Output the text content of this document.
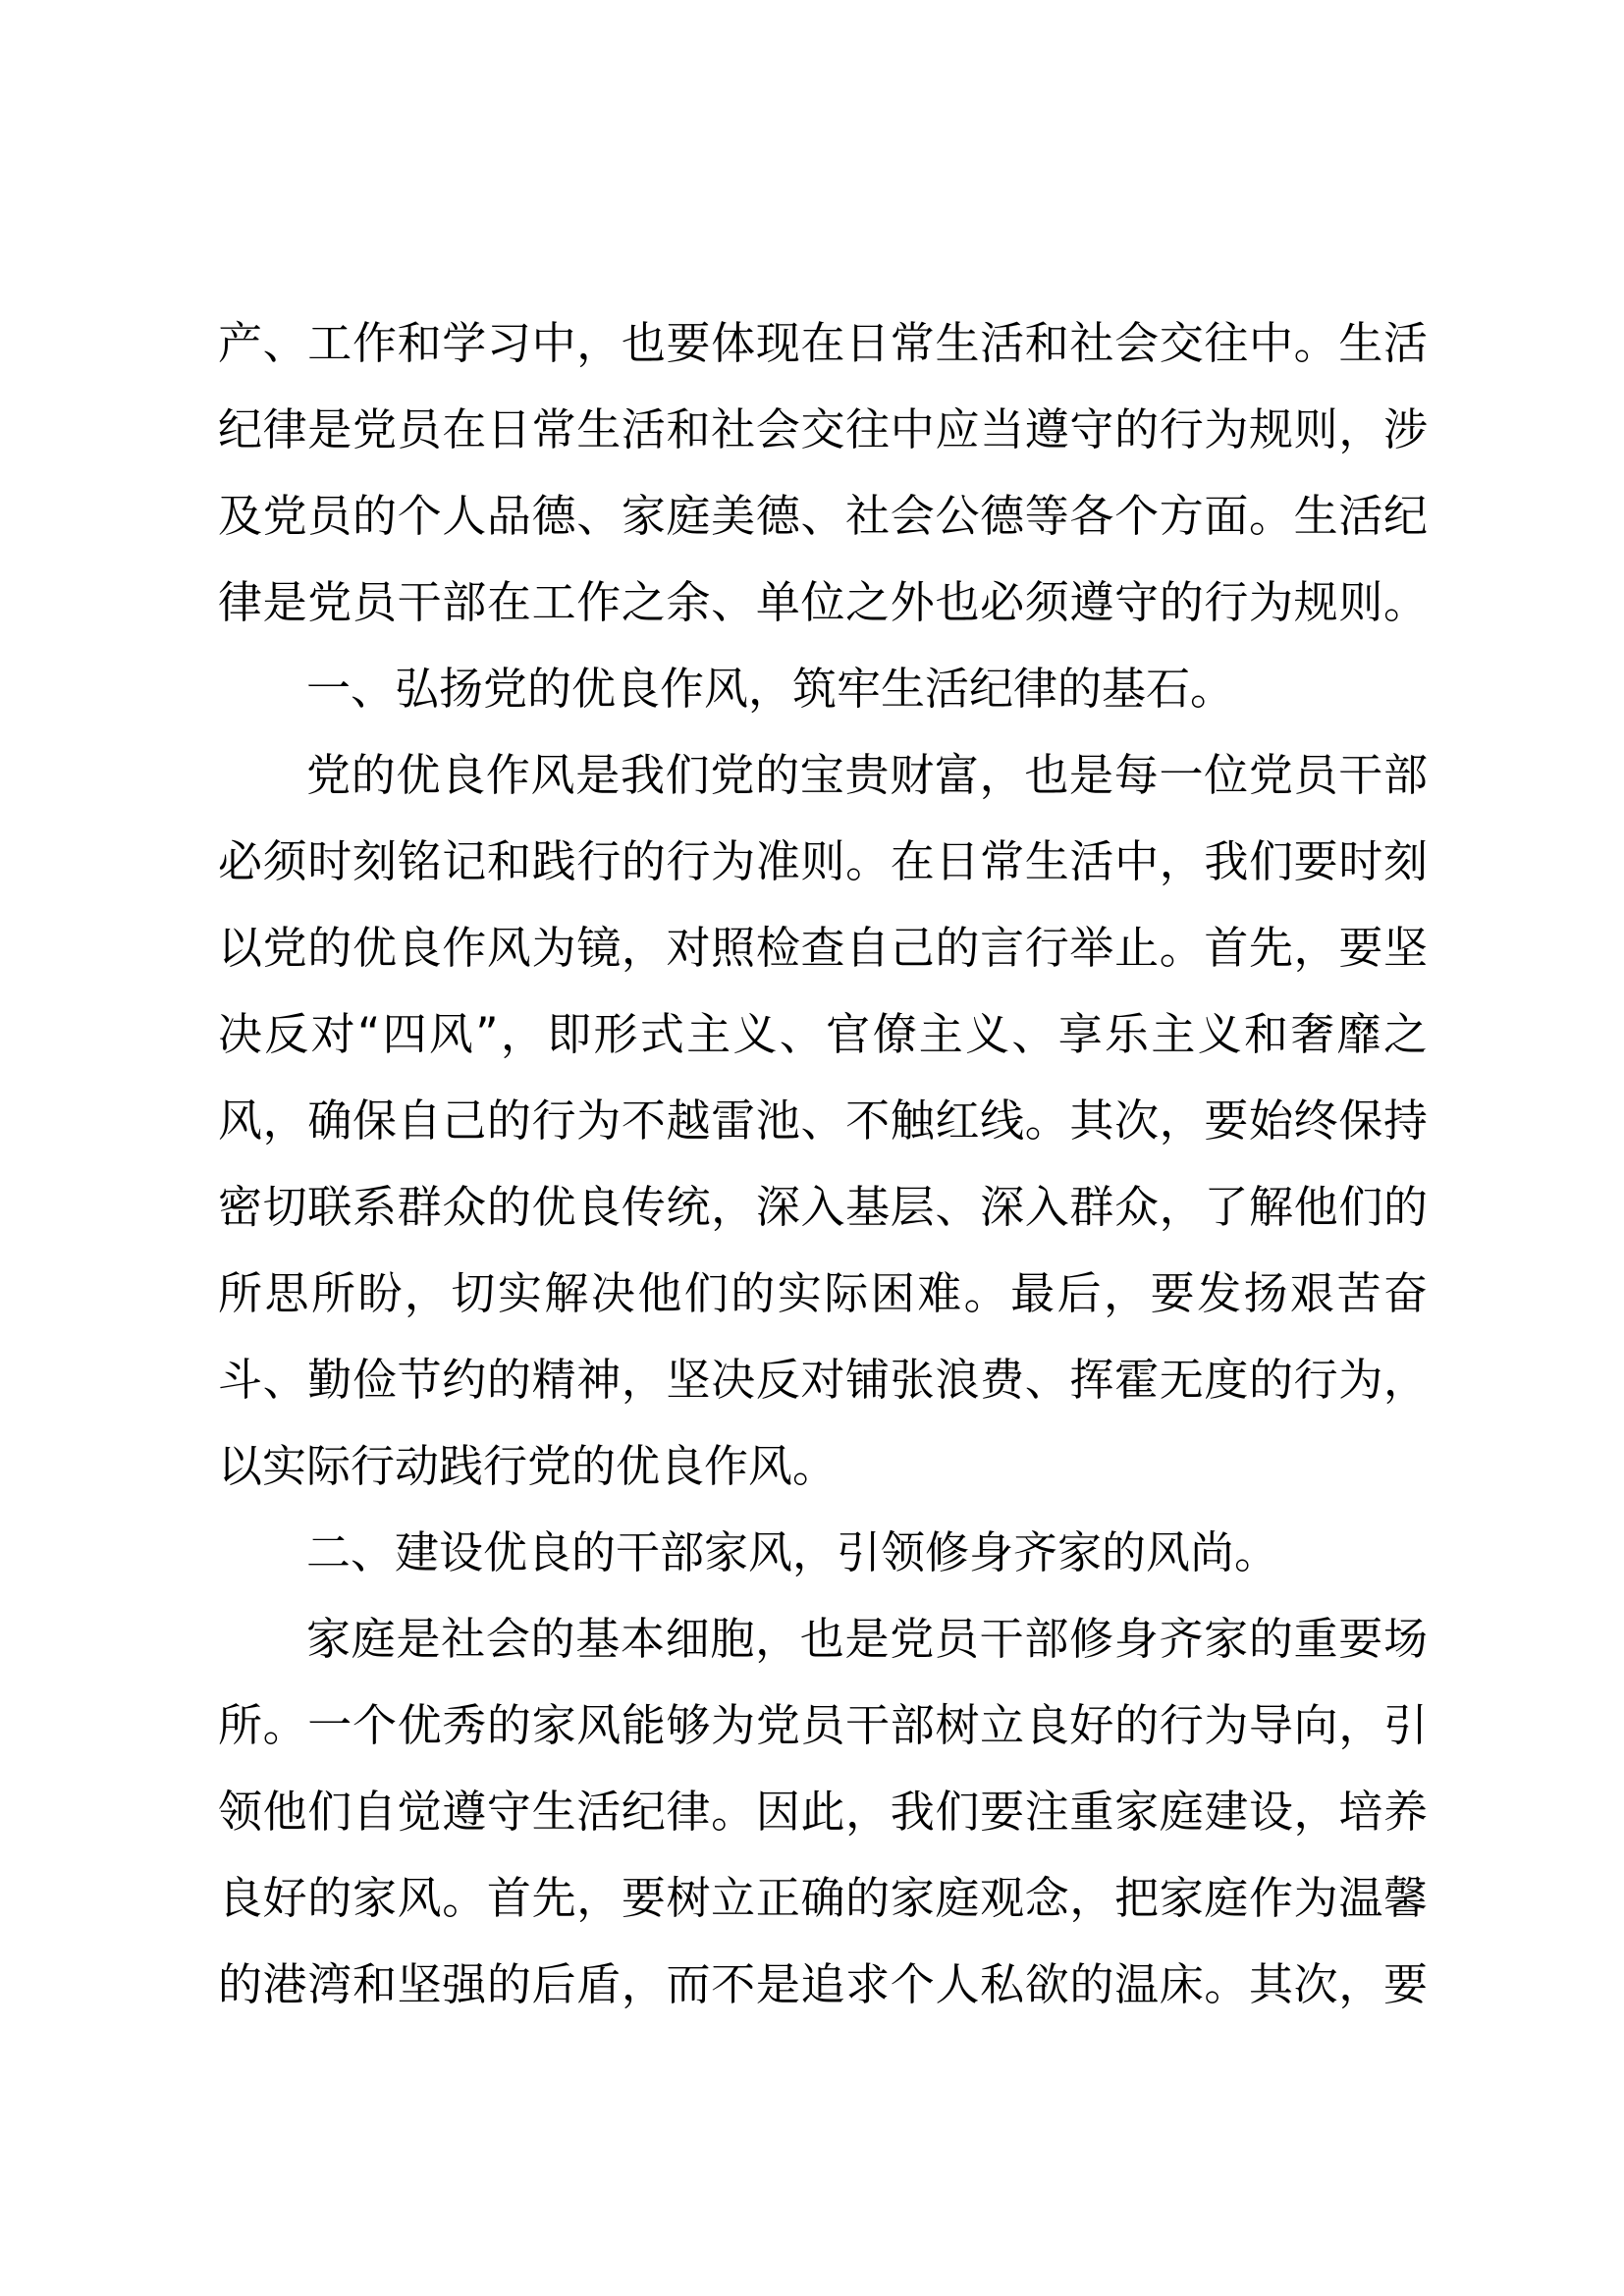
产、工作和学习中，也要体现在日常生活和社会交往中。生活
纪律是党员在日常生活和社会交往中应当遵守的行为规则，涉
及党员的个人品德、家庭美德、社会公德等各个方面。生活纪
律是党员干部在工作之余、单位之外也必须遵守的行为规则。
一、弘扬党的优良作风，筑牢生活纪律的基石。
党的优良作风是我们党的宝贵财富，也是每一位党员干部
必须时刻铭记和践行的行为准则。在日常生活中，我们要时刻
以党的优良作风为镜，对照检查自己的言行举止。首先，要坚
决反对“四风”，即形式主义、官僚主义、享乐主义和奢靡之
风，确保自己的行为不越雷池、不触红线。其次，要始终保持
密切联系群众的优良传统，深入基层、深入群众，了解他们的
所思所盼，切实解决他们的实际困难。最后，要发扬艰苦奋
斗、勤俭节约的精神，坚决反对铺张浪费、挥霍无度的行为，
以实际行动践行党的优良作风。
二、建设优良的干部家风，引领修身齐家的风尚。
家庭是社会的基本细胞，也是党员干部修身齐家的重要场
所。一个优秀的家风能够为党员干部树立良好的行为导向，引
领他们自觉遵守生活纪律。因此，我们要注重家庭建设，培养
良好的家风。首先，要树立正确的家庭观念，把家庭作为温馨
的港湾和坚强的后盾，而不是追求个人私欲的温床。其次，要
